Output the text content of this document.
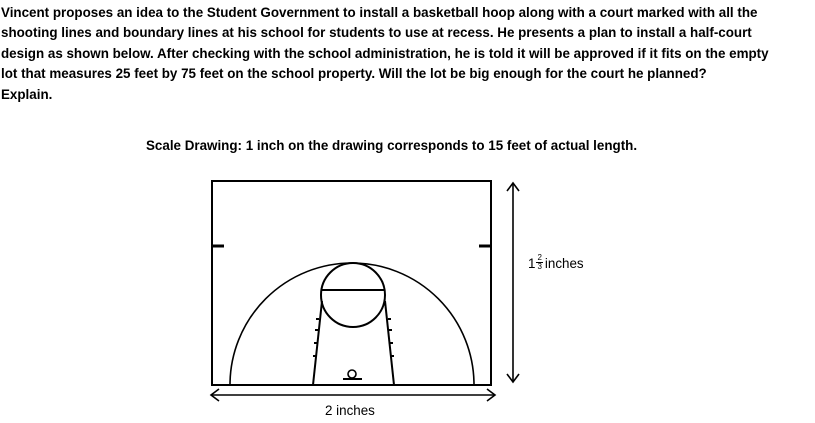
Vincent proposes an idea to the Student Government to install a basketball hoop along with a court marked with all the
shooting lines and boundary lines at his school for students to use at recess. He presents a plan to install a half-court
design as shown below. After checking with the school administration, he is told it will be approved if it fits on the empty
lot that measures 25 feet by 75 feet on the school property. Will the lot be big enough for the court he planned?
Explain.
Scale Drawing: 1 inch on the drawing corresponds to 15 feet of actual length.
2 inches
$1 \frac{2}{3}$ inches
